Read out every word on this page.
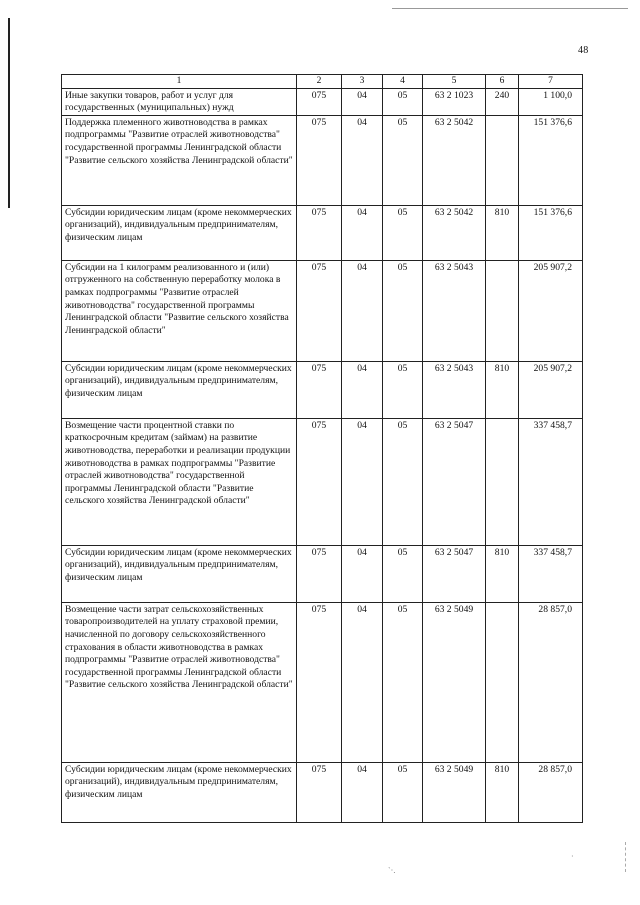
48
1	2	3	4	5	6	7
Иные закупки товаров, работ и услуг для государственных (муниципальных) нужд	075	04	05	63 2 1023	240	1 100,0
Поддержка племенного животноводства в рамках подпрограммы "Развитие отраслей животноводства" государственной программы Ленинградской области "Развитие сельского хозяйства Ленинградской области"	075	04	05	63 2 5042		151 376,6
Субсидии юридическим лицам (кроме некоммерческих организаций), индивидуальным предпринимателям, физическим лицам	075	04	05	63 2 5042	810	151 376,6
Субсидии на 1 килограмм реализованного и (или) отгруженного на собственную переработку молока в рамках подпрограммы "Развитие отраслей животноводства" государственной программы Ленинградской области "Развитие сельского хозяйства Ленинградской области"	075	04	05	63 2 5043		205 907,2
Субсидии юридическим лицам (кроме некоммерческих организаций), индивидуальным предпринимателям, физическим лицам	075	04	05	63 2 5043	810	205 907,2
Возмещение части процентной ставки по краткосрочным кредитам (займам) на развитие животноводства, переработки и реализации продукции животноводства в рамках подпрограммы "Развитие отраслей животноводства" государственной программы Ленинградской области "Развитие сельского хозяйства Ленинградской области"	075	04	05	63 2 5047		337 458,7
Субсидии юридическим лицам (кроме некоммерческих организаций), индивидуальным предпринимателям, физическим лицам	075	04	05	63 2 5047	810	337 458,7
Возмещение части затрат сельскохозяйственных товаропроизводителей на уплату страховой премии, начисленной по договору сельскохозяйственного страхования в области животноводства в рамках подпрограммы "Развитие отраслей животноводства" государственной программы Ленинградской области "Развитие сельского хозяйства Ленинградской области"	075	04	05	63 2 5049		28 857,0
Субсидии юридическим лицам (кроме некоммерческих организаций), индивидуальным предпринимателям, физическим лицам	075	04	05	63 2 5049	810	28 857,0
`·.
·
